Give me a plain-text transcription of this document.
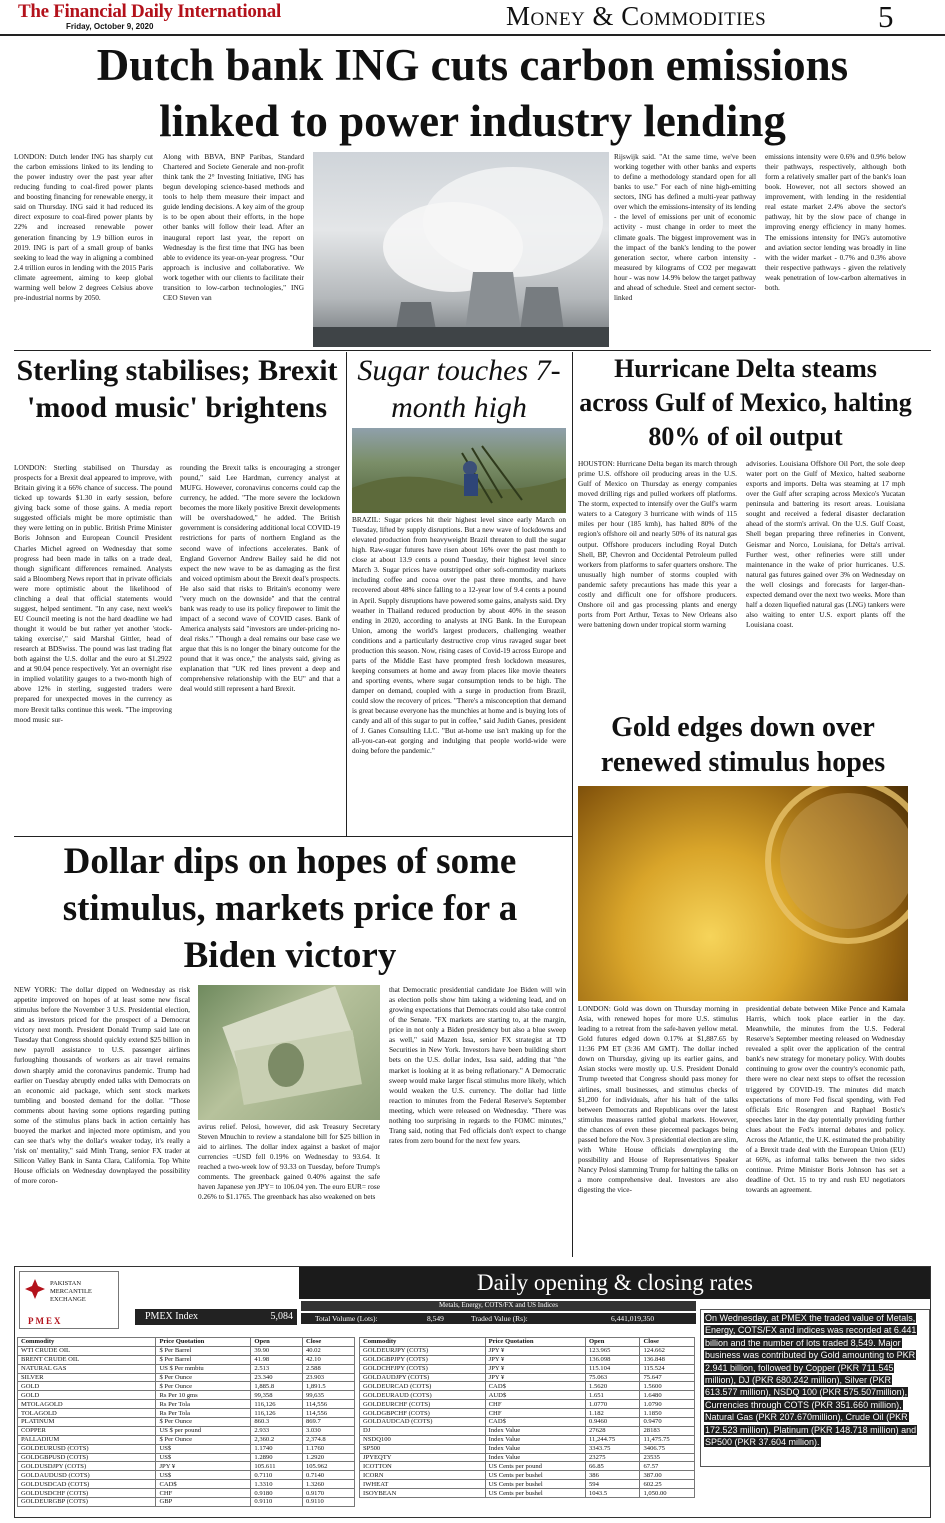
The Financial Daily International
Friday, October 9, 2020	Money & Commodities	5
Dutch bank ING cuts carbon emissions
linked to power industry lending
LONDON: Dutch lender ING has sharply cut the carbon emissions linked to its lending to the power industry over the past year after reducing funding to coal-fired power plants and boosting financing for renewable energy, it said on Thursday. ING said it had reduced its direct exposure to coal-fired power plants by 22% and increased renewable power generation financing by 1.9 billion euros in 2019. ING is part of a small group of banks seeking to lead the way in aligning a combined 2.4 trillion euros in lending with the 2015 Paris climate agreement, aiming to keep global warming well below 2 degrees Celsius above pre-industrial norms by 2050.
Along with BBVA, BNP Paribas, Standard Chartered and Societe Generale and non-profit think tank the 2° Investing Initiative, ING has begun developing science-based methods and tools to help them measure their impact and guide lending decisions. A key aim of the group is to be open about their efforts, in the hope other banks will follow their lead. After an inaugural report last year, the report on Wednesday is the first time that ING has been able to evidence its year-on-year progress. "Our approach is inclusive and collaborative. We work together with our clients to facilitate their transition to low-carbon technologies," ING CEO Steven van
Rijswijk said. "At the same time, we've been working together with other banks and experts to define a methodology standard open for all banks to use." For each of nine high-emitting sectors, ING has defined a multi-year pathway over which the emissions-intensity of its lending - the level of emissions per unit of economic activity - must change in order to meet the climate goals. The biggest improvement was in the impact of the bank's lending to the power generation sector, where carbon intensity - measured by kilograms of CO2 per megawatt hour - was now 14.9% below the target pathway and ahead of schedule. Steel and cement sector-linked
emissions intensity were 0.6% and 0.9% below their pathways, respectively, although both form a relatively smaller part of the bank's loan book. However, not all sectors showed an improvement, with lending in the residential real estate market 2.4% above the sector's pathway, hit by the slow pace of change in improving energy efficiency in many homes. The emissions intensity for ING's automotive and aviation sector lending was broadly in line with the wider market - 0.7% and 0.3% above their respective pathways - given the relatively weak penetration of low-carbon alternatives in both.
Sterling stabilises; Brexit 'mood music' brightens
LONDON: Sterling stabilised on Thursday as prospects for a Brexit deal appeared to improve, with Britain giving it a 66% chance of success. The pound ticked up towards $1.30 in early session, before giving back some of those gains. A media report suggested officials might be more optimistic than they were letting on in public. British Prime Minister Boris Johnson and European Council President Charles Michel agreed on Wednesday that some progress had been made in talks on a trade deal, though significant differences remained. Analysts said a Bloomberg News report that in private officials were more optimistic about the likelihood of clinching a deal that official statements would suggest, helped sentiment. "In any case, next week's EU Council meeting is not the hard deadline we had thought it would be but rather yet another 'stock-taking exercise'," said Marshal Gittler, head of research at BDSwiss. The pound was last trading flat both against the U.S. dollar and the euro at $1.2922 and at 90.04 pence respectively. Yet an overnight rise in implied volatility gauges to a two-month high of above 12% in sterling, suggested traders were prepared for unexpected moves in the currency as more Brexit talks continue this week. "The improving mood music sur-
rounding the Brexit talks is encouraging a stronger pound," said Lee Hardman, currency analyst at MUFG. However, coronavirus concerns could cap the currency, he added. "The more severe the lockdown becomes the more likely positive Brexit developments will be overshadowed," he added. The British government is considering additional local COVID-19 restrictions for parts of northern England as the second wave of infections accelerates. Bank of England Governor Andrew Bailey said he did not expect the new wave to be as damaging as the first and voiced optimism about the Brexit deal's prospects. He also said that risks to Britain's economy were "very much on the downside" and that the central bank was ready to use its policy firepower to limit the impact of a second wave of COVID cases. Bank of America analysts said "investors are under-pricing no-deal risks." "Though a deal remains our base case we argue that this is no longer the binary outcome for the pound that it was once," the analysts said, giving as explanation that "UK red lines prevent a deep and comprehensive relationship with the EU" and that a deal would still represent a hard Brexit.
Sugar touches 7-month high
BRAZIL: Sugar prices hit their highest level since early March on Tuesday, lifted by supply disruptions. But a new wave of lockdowns and elevated production from heavyweight Brazil threaten to dull the sugar high. Raw-sugar futures have risen about 16% over the past month to close at about 13.9 cents a pound Tuesday, their highest level since March 3. Sugar prices have outstripped other soft-commodity markets including coffee and cocoa over the past three months, and have recovered about 48% since falling to a 12-year low of 9.4 cents a pound in April. Supply disruptions have powered some gains, analysts said. Dry weather in Thailand reduced production by about 40% in the season ending in 2020, according to analysts at ING Bank. In the European Union, among the world's largest producers, challenging weather conditions and a particularly destructive crop virus ravaged sugar beet production this season. Now, rising cases of Covid-19 across Europe and parts of the Middle East have prompted fresh lockdown measures, keeping consumers at home and away from places like movie theaters and sporting events, where sugar consumption tends to be high. The damper on demand, coupled with a surge in production from Brazil, could slow the recovery of prices. "There's a misconception that demand is great because everyone has the munchies at home and is buying lots of candy and all of this sugar to put in coffee," said Judith Ganes, president of J. Ganes Consulting LLC. "But at-home use isn't making up for the all-you-can-eat gorging and indulging that people world-wide were doing before the pandemic."
Hurricane Delta steams across Gulf of Mexico, halting 80% of oil output
HOUSTON: Hurricane Delta began its march through prime U.S. offshore oil producing areas in the U.S. Gulf of Mexico on Thursday as energy companies moved drilling rigs and pulled workers off platforms. The storm, expected to intensify over the Gulf's warm waters to a Category 3 hurricane with winds of 115 miles per hour (185 kmh), has halted 80% of the region's offshore oil and nearly 50% of its natural gas output. Offshore producers including Royal Dutch Shell, BP, Chevron and Occidental Petroleum pulled workers from platforms to safer quarters onshore. The unusually high number of storms coupled with pandemic safety precautions has made this year a costly and difficult one for offshore producers. Onshore oil and gas processing plants and energy ports from Port Arthur, Texas to New Orleans also were battening down under tropical storm warning
advisories. Louisiana Offshore Oil Port, the sole deep water port on the Gulf of Mexico, halted seaborne exports and imports. Delta was steaming at 17 mph over the Gulf after scraping across Mexico's Yucatan peninsula and battering its resort areas. Louisiana sought and received a federal disaster declaration ahead of the storm's arrival. On the U.S. Gulf Coast, Shell began preparing three refineries in Convent, Geismar and Norco, Louisiana, for Delta's arrival. Further west, other refineries were still under maintenance in the wake of prior hurricanes. U.S. natural gas futures gained over 3% on Wednesday on the well closings and forecasts for larger-than-expected demand over the next two weeks. More than half a dozen liquefied natural gas (LNG) tankers were also waiting to enter U.S. export plants off the Louisiana coast.
Gold edges down over renewed stimulus hopes
LONDON: Gold was down on Thursday morning in Asia, with renewed hopes for more U.S. stimulus leading to a retreat from the safe-haven yellow metal. Gold futures edged down 0.17% at $1,887.65 by 11:36 PM ET (3:36 AM GMT). The dollar inched down on Thursday, giving up its earlier gains, and Asian stocks were mostly up. U.S. President Donald Trump tweeted that Congress should pass money for airlines, small businesses, and stimulus checks of $1,200 for individuals, after his halt of the talks between Democrats and Republicans over the latest stimulus measures rattled global markets. However, the chances of even these piecemeal packages being passed before the Nov. 3 presidential election are slim, with White House officials downplaying the possibility and House of Representatives Speaker Nancy Pelosi slamming Trump for halting the talks on a more comprehensive deal. Investors are also digesting the vice-
presidential debate between Mike Pence and Kamala Harris, which took place earlier in the day. Meanwhile, the minutes from the U.S. Federal Reserve's September meeting released on Wednesday revealed a split over the application of the central bank's new strategy for monetary policy. With doubts continuing to grow over the country's economic path, there were no clear next steps to offset the recession triggered by COVID-19. The minutes did match expectations of more Fed fiscal spending, with Fed officials Eric Rosengren and Raphael Bostic's speeches later in the day potentially providing further clues about the Fed's internal debates and policy. Across the Atlantic, the U.K. estimated the probability of a Brexit trade deal with the European Union (EU) at 66%, as informal talks between the two sides continue. Prime Minister Boris Johnson has set a deadline of Oct. 15 to try and rush EU negotiators towards an agreement.
Dollar dips on hopes of some stimulus, markets price for a Biden victory
NEW YORK: The dollar dipped on Wednesday as risk appetite improved on hopes of at least some new fiscal stimulus before the November 3 U.S. Presidential election, and as investors priced for the prospect of a Democrat victory next month. President Donald Trump said late on Tuesday that Congress should quickly extend $25 billion in new payroll assistance to U.S. passenger airlines furloughing thousands of workers as air travel remains down sharply amid the coronavirus pandemic. Trump had earlier on Tuesday abruptly ended talks with Democrats on an economic aid package, which sent stock markets tumbling and boosted demand for the dollar. "Those comments about having some options regarding putting some of the stimulus plans back in action certainly has buoyed the market and injected more optimism, and you can see that's why the dollar's weaker today, it's really a 'risk on' mentality," said Minh Trang, senior FX trader at Silicon Valley Bank in Santa Clara, California. Top White House officials on Wednesday downplayed the possibility of more coron-
avirus relief. Pelosi, however, did ask Treasury Secretary Steven Mnuchin to review a standalone bill for $25 billion in aid to airlines. The dollar index against a basket of major currencies =USD fell 0.19% on Wednesday to 93.64. It reached a two-week low of 93.33 on Tuesday, before Trump's comments. The greenback gained 0.40% against the safe haven Japanese yen JPY= to 106.04 yen. The euro EUR= rose 0.26% to $1.1765. The greenback has also weakened on bets
that Democratic presidential candidate Joe Biden will win as election polls show him taking a widening lead, and on growing expectations that Democrats could also take control of the Senate. "FX markets are starting to, at the margin, price in not only a Biden presidency but also a blue sweep as well," said Mazen Issa, senior FX strategist at TD Securities in New York. Investors have been building short bets on the U.S. dollar index, Issa said, adding that "the market is looking at it as being reflationary." A Democratic sweep would make larger fiscal stimulus more likely, which would weaken the U.S. currency. The dollar had little reaction to minutes from the Federal Reserve's September meeting, which were released on Wednesday. "There was nothing too surprising in regards to the FOMC minutes," Trang said, noting that Fed officials don't expect to change rates from zero bound for the next few years.
PAKISTAN
MERCANTILE
EXCHANGE
PMEX
Daily opening & closing rates
PMEX Index	5,084
Metals, Energy, COTS/FX and US Indices
Total Volume (Lots):	8,549	Traded Value (Rs):	6,441,019,350
Commodity	Price Quotation	Open	Close
WTI CRUDE OIL	$ Per Barrel	39.90	40.02
BRENT CRUDE OIL	$ Per Barrel	41.98	42.10
NATURAL GAS	US $ Per mmbtu	2.513	2.588
SILVER	$ Per Ounce	23.340	23.903
GOLD	$ Per Ounce	1,885.8	1,891.5
GOLD	Rs Per 10 gms	99,358	99,635
MTOLAGOLD	Rs Per Tola	116,126	114,556
TOLAGOLD	Rs Per Tola	116,126	114,556
PLATINUM	$ Per Ounce	860.3	869.7
COPPER	US $ per pound	2.933	3.030
PALLADIUM	$ Per Ounce	2,360.2	2,374.8
GOLDEURUSD (COTS)	US$	1.1740	1.1760
GOLDGBPUSD (COTS)	US$	1.2890	1.2920
GOLDUSDJPY (COTS)	JPY ¥	105.611	105.962
GOLDAUDUSD (COTS)	US$	0.7110	0.7140
GOLDUSDCAD (COTS)	CAD$	1.3310	1.3260
GOLDUSDCHF (COTS)	CHF	0.9180	0.9170
GOLDEURGBP (COTS)	GBP	0.9110	0.9110
Commodity	Price Quotation	Open	Close
GOLDEURJPY (COTS)	JPY ¥	123.965	124.662
GOLDGBPJPY (COTS)	JPY ¥	136.098	136.848
GOLDCHFJPY (COTS)	JPY ¥	115.104	115.524
GOLDAUDJPY (COTS)	JPY ¥	75.063	75.647
GOLDEURCAD (COTS)	CAD$	1.5620	1.5600
GOLDEURAUD (COTS)	AUD$	1.651	1.6480
GOLDEURCHF (COTS)	CHF	1.0770	1.0790
GOLDGBPCHF (COTS)	CHF	1.182	1.1850
GOLDAUDCAD (COTS)	CAD$	0.9460	0.9470
DJ	Index Value	27628	28183
NSDQ100	Index Value	11,244.75	11,475.75
SP500	Index Value	3343.75	3406.75
JPYEQTY	Index Value	23275	23535
ICOTTON	US Cents per pound	66.85	67.57
ICORN	US Cents per bushel	386	387.00
IWHEAT	US Cents per bushel	594	602.25
ISOYBEAN	US Cents per bushel	1043.5	1,050.00
On Wednesday, at PMEX the traded value of Metals, Energy, COTS/FX and indices was recorded at 6.441 billion and the number of lots traded 8,549. Major business was contributed by Gold amounting to PKR 2.941 billion, followed by Copper (PKR 711.545 million), DJ (PKR 680.242 million), Silver (PKR 613.577 million), NSDQ 100 (PKR 575.507million), Currencies through COTS (PKR 351.660 million), Natural Gas (PKR 207.670million), Crude Oil (PKR 172.523 million), Platinum (PKR 148.718 million) and SP500 (PKR 37.604 million).
